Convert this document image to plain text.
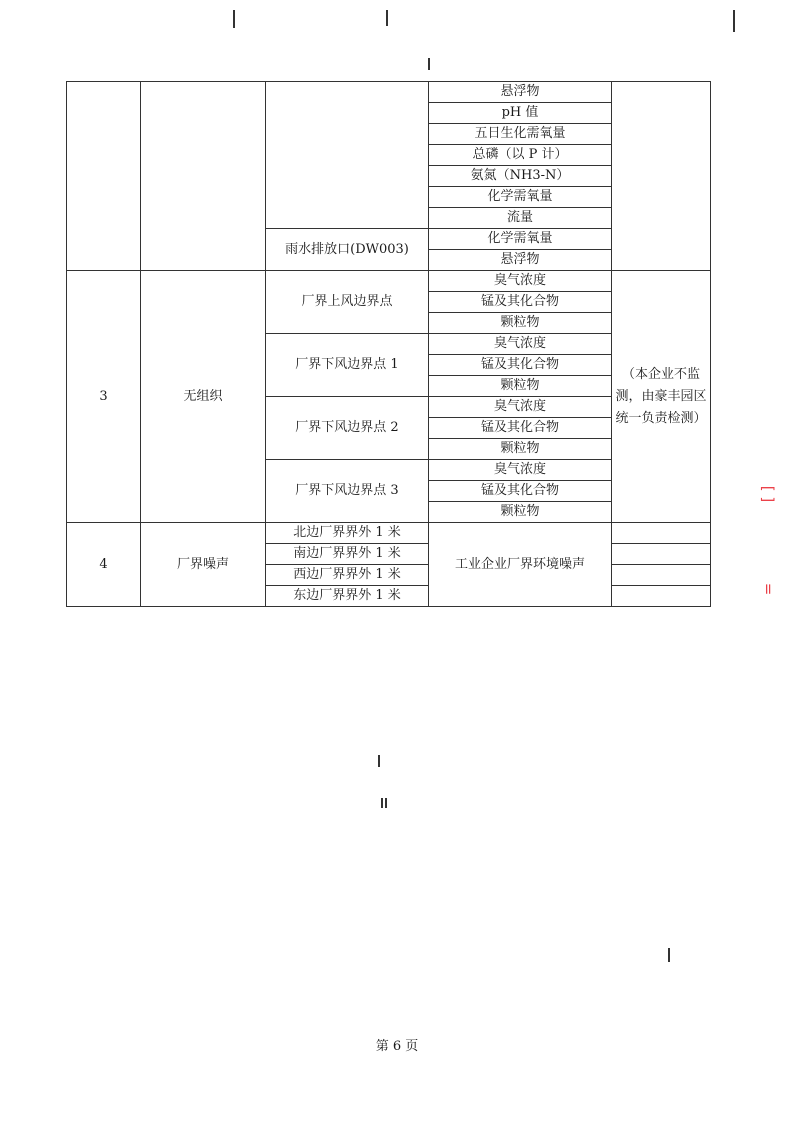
			悬浮物	
			pH 值	
			五日生化需氧量	
			总磷（以 P 计）	
			氨氮（NH3-N）	
			化学需氧量	
			流量	
		雨水排放口(DW003)	化学需氧量	
			悬浮物	
3	无组织	厂界上风边界点	臭气浓度	（本企业不监测，由豪丰园区统一负责检测）
			锰及其化合物	
			颗粒物	
		厂界下风边界点 1	臭气浓度	
			锰及其化合物	
			颗粒物	
		厂界下风边界点 2	臭气浓度	
			锰及其化合物	
			颗粒物	
		厂界下风边界点 3	臭气浓度	
			锰及其化合物	
			颗粒物	
4	厂界噪声	北边厂界界外 1 米	工业企业厂界环境噪声	
		南边厂界界外 1 米		
		西边厂界界外 1 米		
		东边厂界界外 1 米		
第 6 页
[ ]
=
